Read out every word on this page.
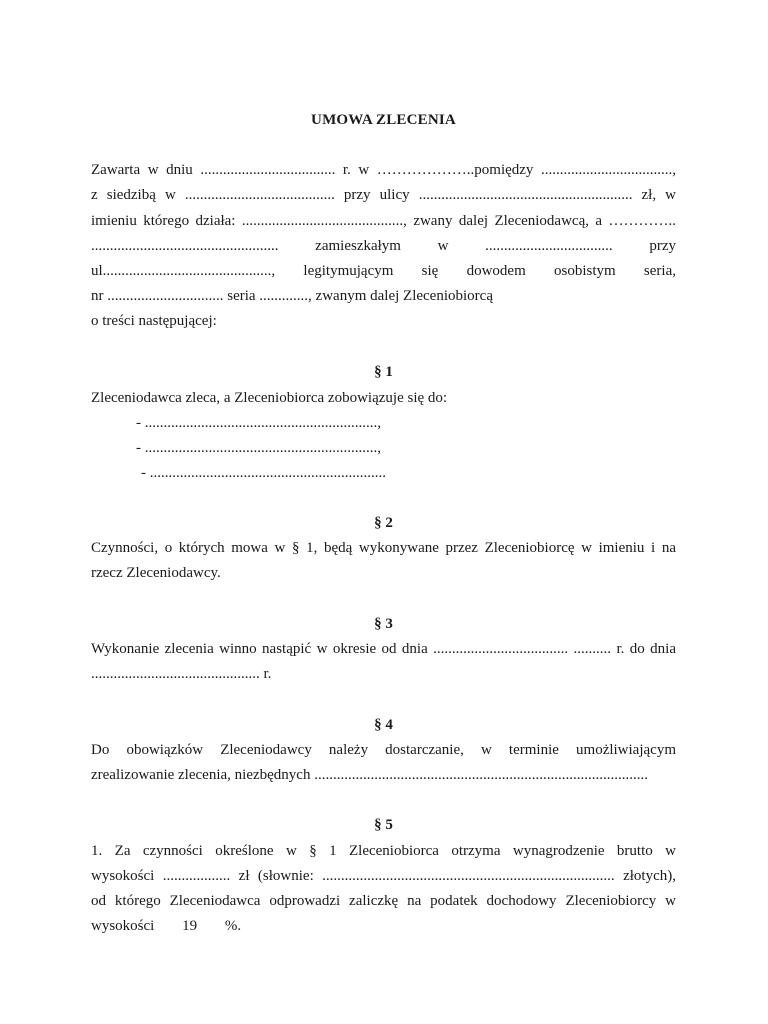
UMOWA ZLECENIA
Zawarta w dniu .................................... r. w ………………..pomiędzy ...................................,
z siedzibą w ........................................ przy ulicy ......................................................... zł, w
imieniu którego działa: ..........................................., zwany dalej Zleceniodawcą, a …………..
.................................................. zamieszkałym w .................................. przy
ul............................................., legitymującym się dowodem osobistym seria,
nr ............................... seria ............., zwanym dalej Zleceniobiorcą
o treści następującej:
§ 1
Zleceniodawca zleca, a Zleceniobiorca zobowiązuje się do:
- ..............................................................,
- ..............................................................,
- ...............................................................
§ 2
Czynności, o których mowa w § 1, będą wykonywane przez Zleceniobiorcę w imieniu i na
rzecz Zleceniodawcy.
§ 3
Wykonanie zlecenia winno nastąpić w okresie od dnia .................................... .......... r. do dnia
............................................. r.
§ 4
Do obowiązków Zleceniodawcy należy dostarczanie, w terminie umożliwiającym
zrealizowanie zlecenia, niezbędnych .........................................................................................
§ 5
1. Za czynności określone w § 1 Zleceniobiorca otrzyma wynagrodzenie brutto w
wysokości .................. zł (słownie: .............................................................................. złotych),
od którego Zleceniodawca odprowadzi zaliczkę na podatek dochodowy Zleceniobiorcy w
wysokości 19 %.
